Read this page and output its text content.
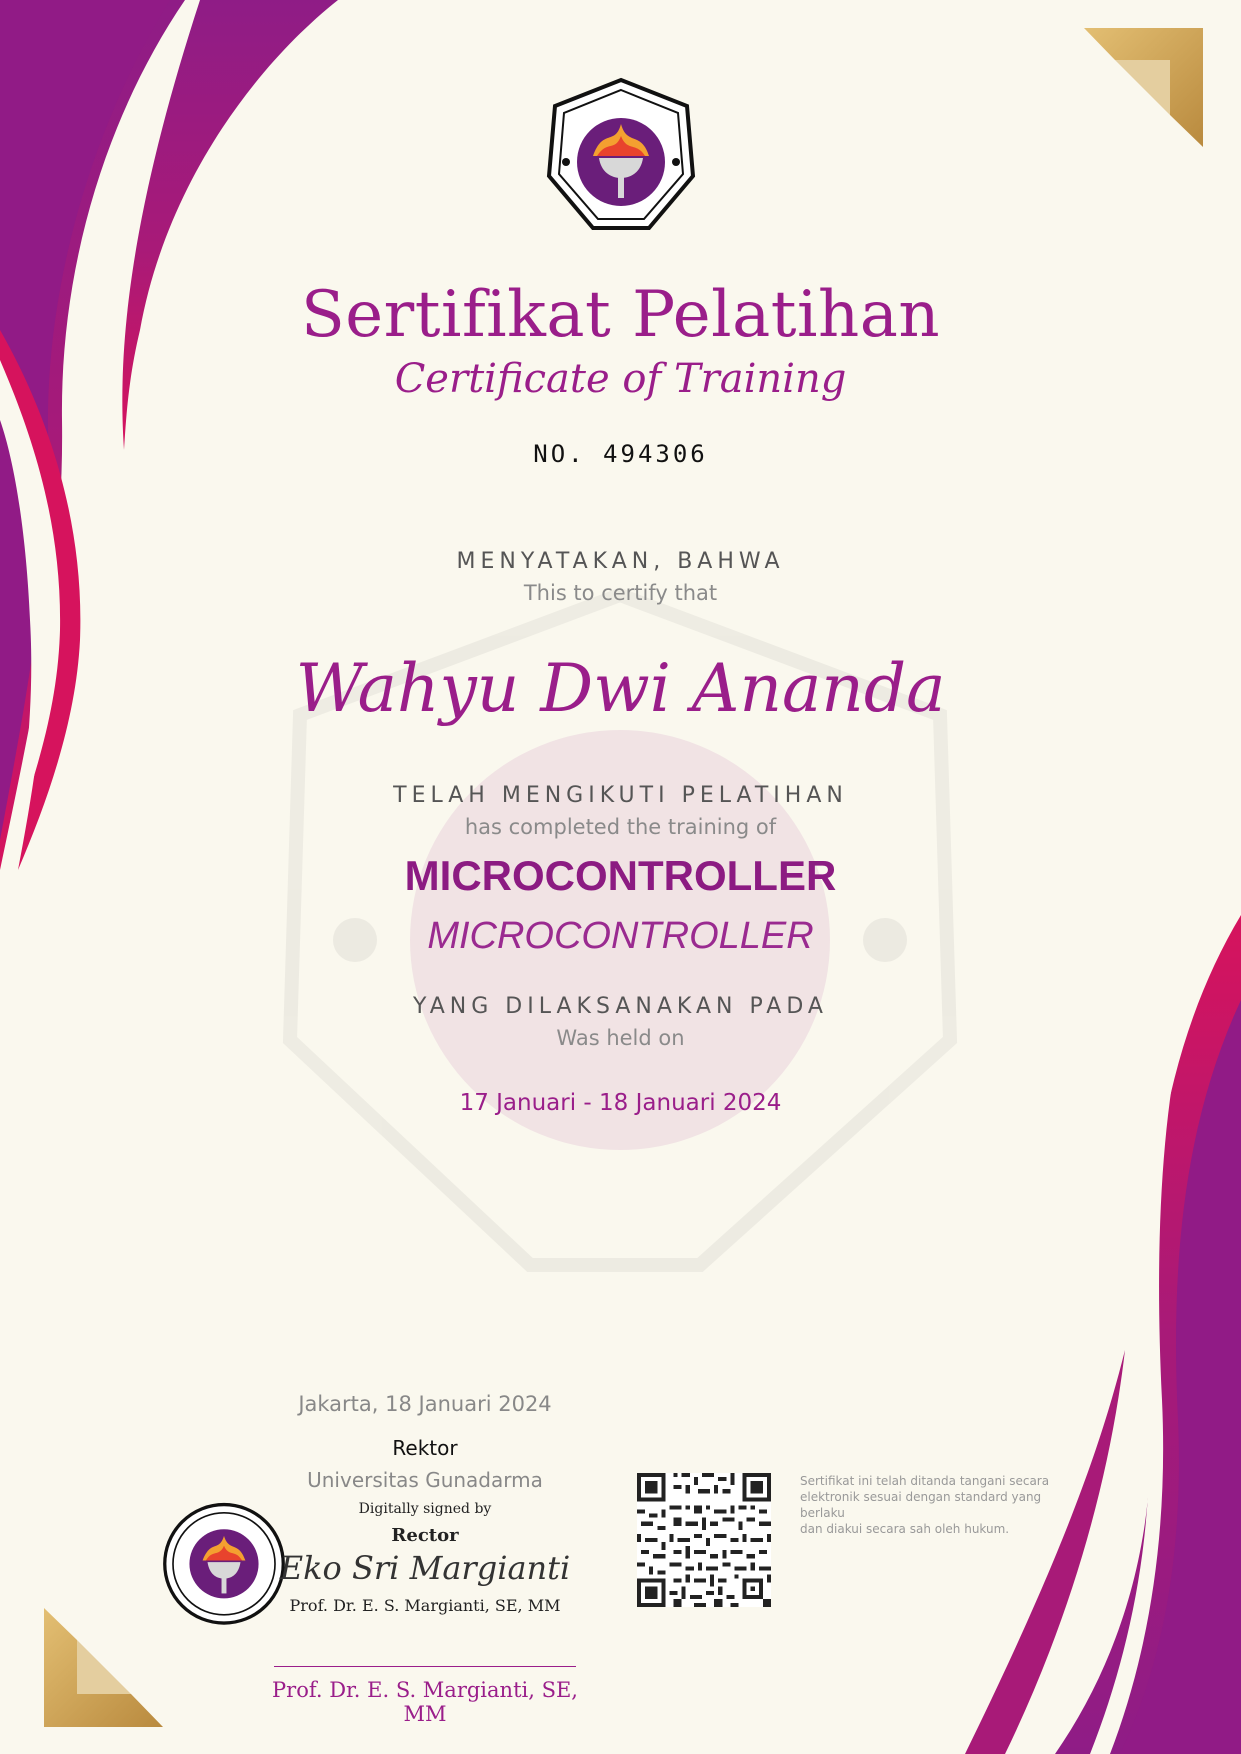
Sertifikat Pelatihan
Certificate of Training
NO. 494306
MENYATAKAN, BAHWA
This to certify that
Wahyu Dwi Ananda
TELAH MENGIKUTI PELATIHAN
has completed the training of
MICROCONTROLLER
MICROCONTROLLER
YANG DILAKSANAKAN PADA
Was held on
17 Januari - 18 Januari 2024
Jakarta, 18 Januari 2024
Rektor
Universitas Gunadarma
Digitally signed by
Rector
Eko Sri Margianti
Prof. Dr. E. S. Margianti, SE, MM
Prof. Dr. E. S. Margianti, SE, MM
Sertifikat ini telah ditanda tangani secara
elektronik sesuai dengan standard yang
berlaku
dan diakui secara sah oleh hukum.
